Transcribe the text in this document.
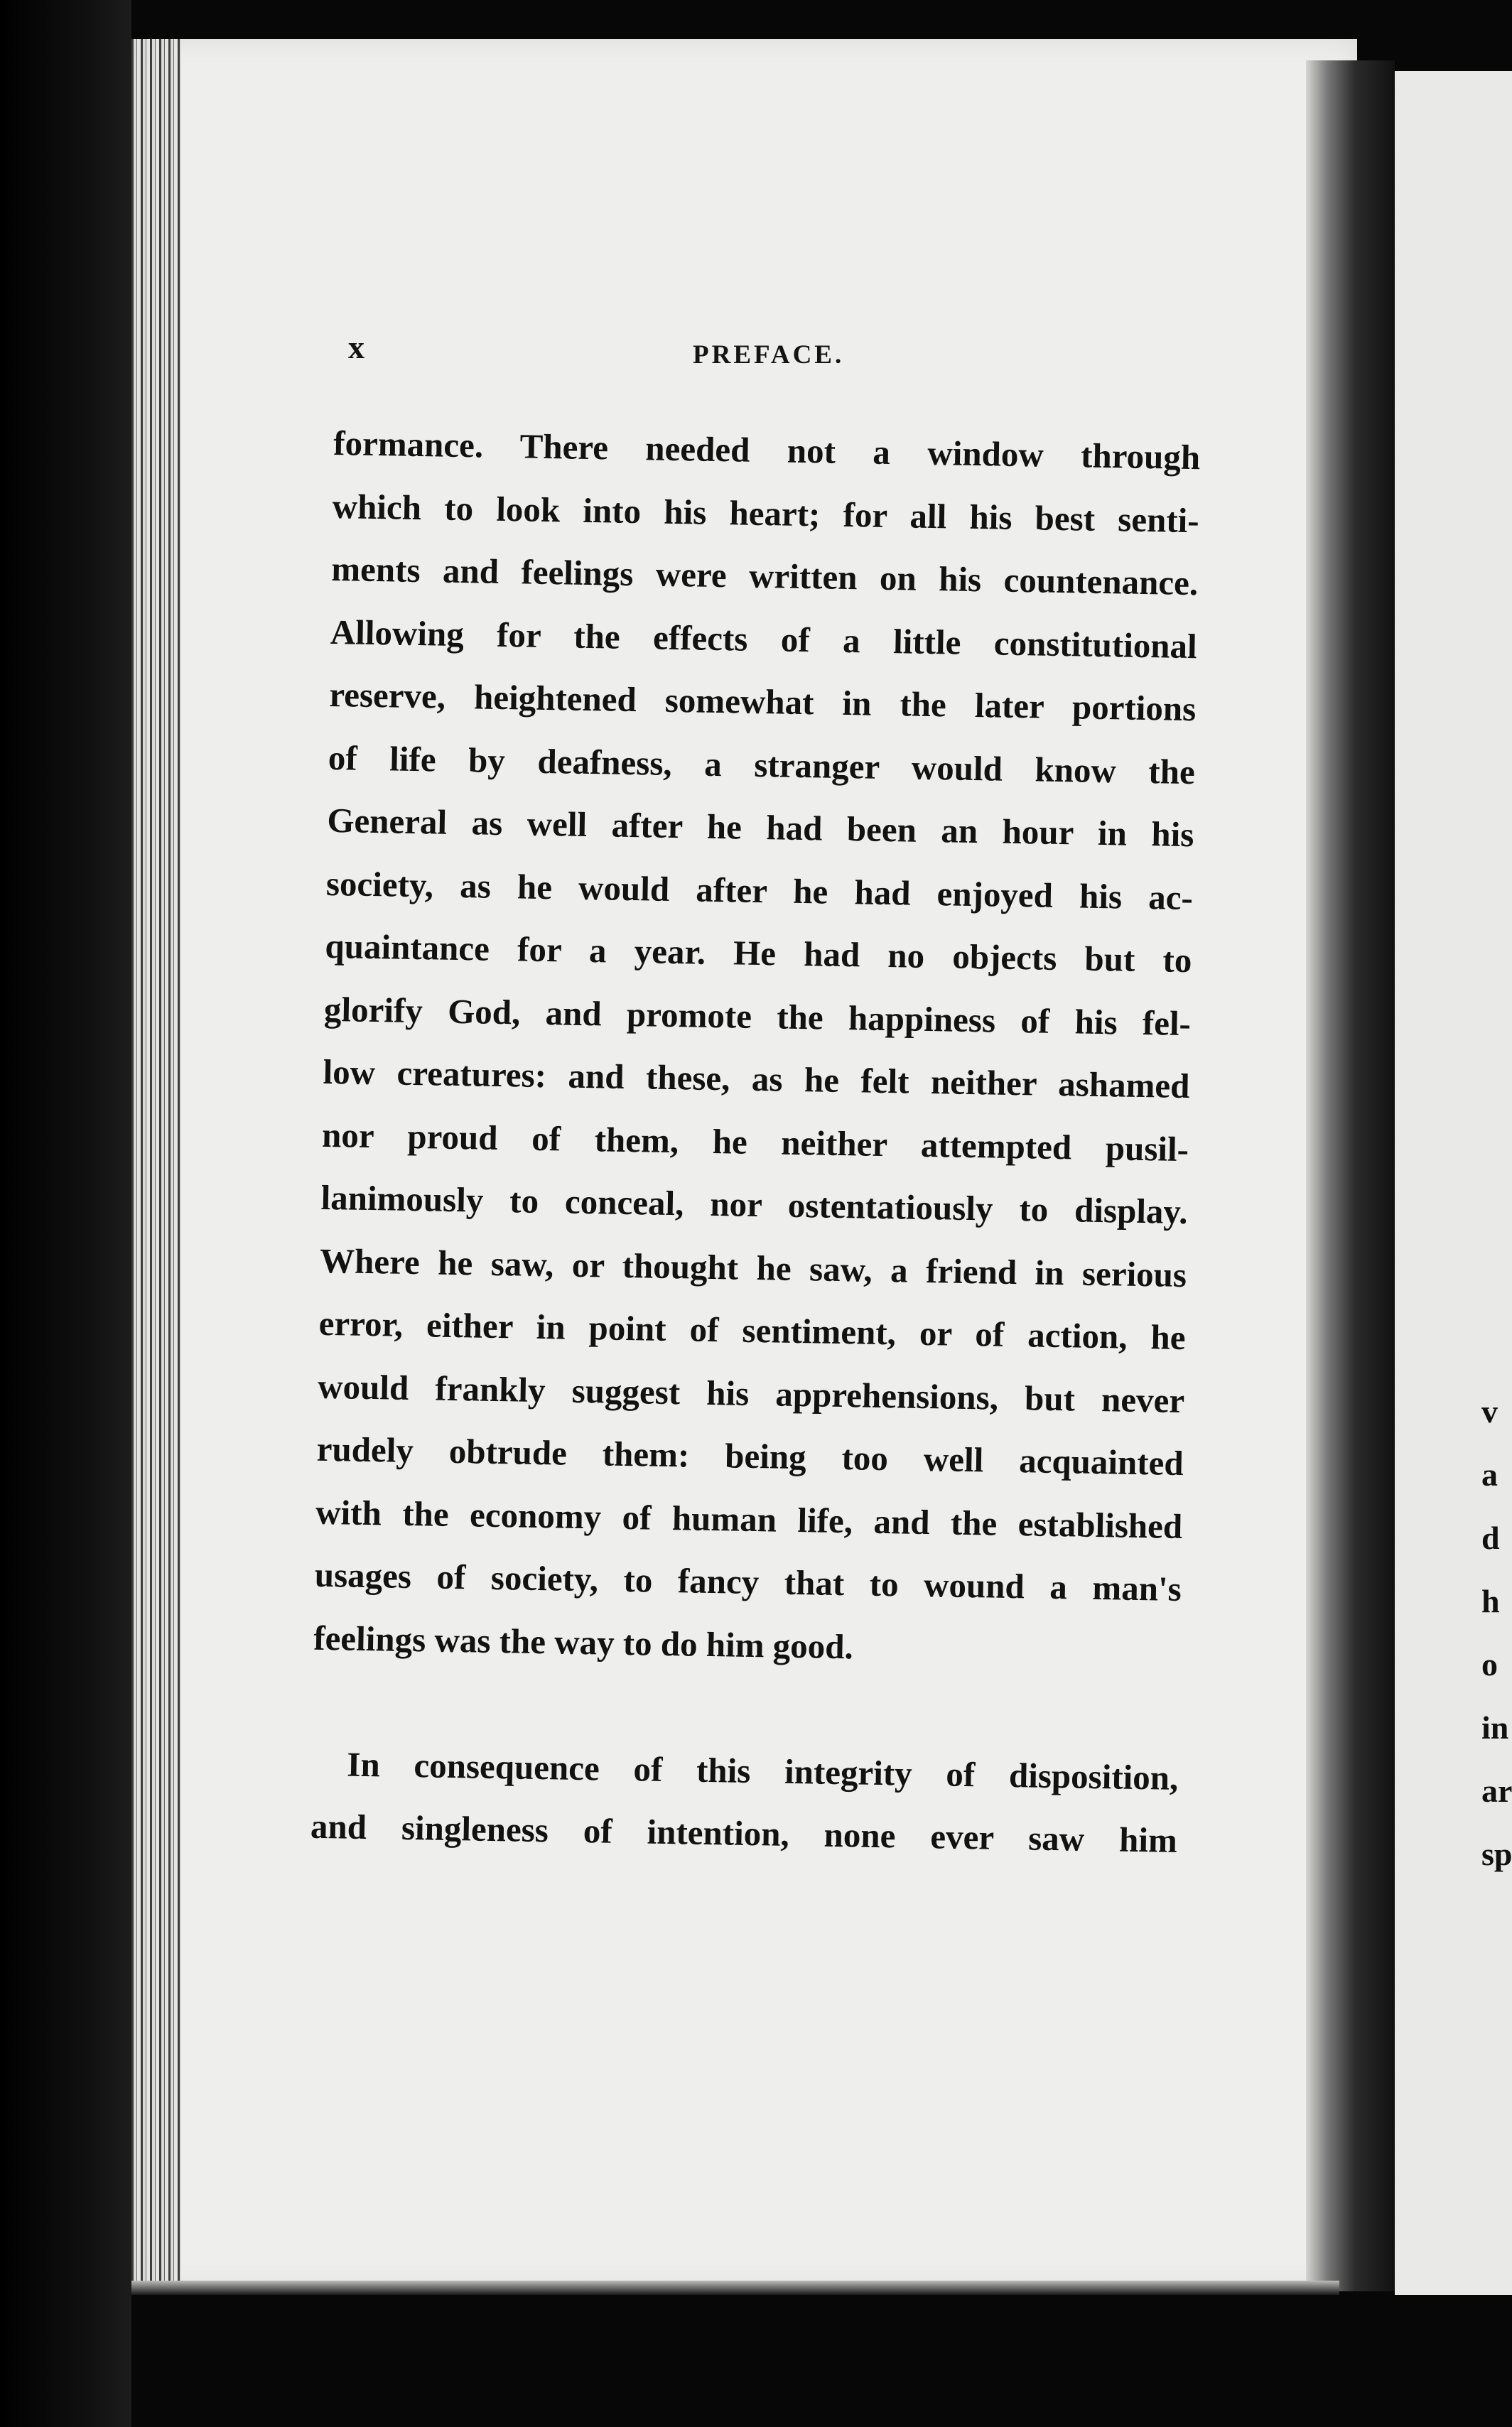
v
a
d
h
o
in
ar
sp

x	PREFACE.

formance. There needed not a window through
which to look into his heart; for all his best senti-
ments and feelings were written on his countenance.
Allowing for the effects of a little constitutional
reserve, heightened somewhat in the later portions
of life by deafness, a stranger would know the
General as well after he had been an hour in his
society, as he would after he had enjoyed his ac-
quaintance for a year. He had no objects but to
glorify God, and promote the happiness of his fel-
low creatures: and these, as he felt neither ashamed
nor proud of them, he neither attempted pusil-
lanimously to conceal, nor ostentatiously to display.
Where he saw, or thought he saw, a friend in serious
error, either in point of sentiment, or of action, he
would frankly suggest his apprehensions, but never
rudely obtrude them: being too well acquainted
with the economy of human life, and the established
usages of society, to fancy that to wound a man's
feelings was the way to do him good.
In consequence of this integrity of disposition,
and singleness of intention, none ever saw him
